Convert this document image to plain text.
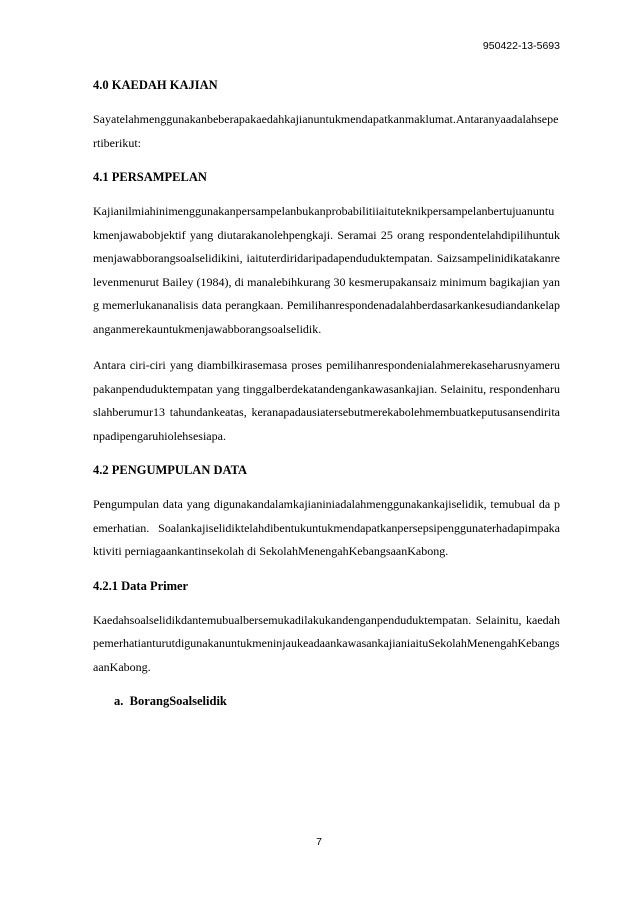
950422-13-5693
4.0 KAEDAH KAJIAN

Sayatelahmenggunakanbeberapakaedahkajianuntukmendapatkanmaklumat.Antaranyaadalahsepertiberikut:

4.1 PERSAMPELAN

Kajianilmiahinimenggunakanpersampelanbukanprobabilitiiaituteknikpersampelanbertujuanuntukmenjawabobjektif yang diutarakanolehpengkaji. Seramai 25 orang respondentelahdipilihuntukmenjawabborangsoalselidikini, iaituterdiridaripadapenduduktempatan. Saizsampelinidikatakanrelevenmenurut Bailey (1984), di manalebihkurang 30 kesmerupakansaiz minimum bagikajian yang memerlukananalisis data perangkaan. Pemilihanrespondenadalahberdasarkankesudiandankelapanganmerekauntukmenjawabborangsoalselidik.

Antara ciri-ciri yang diambilkirasemasa proses pemilihanrespondenialahmerekaseharusnyamerupakanpenduduktempatan yang tinggalberdekatandengankawasankajian. Selainitu, respondenharuslahberumur13 tahundankeatas, keranapadausiatersebutmerekabolehmembuatkeputusansendiritanpadipengaruhiolehsesiapa.

4.2 PENGUMPULAN DATA

Pengumpulan data yang digunakandalamkajianiniadalahmenggunakankajiselidik, temubual da pemerhatian. Soalankajiselidiktelahdibentukuntukmendapatkanpersepsipenggunaterhadapimpakaktiviti perniagaankantinsekolah di SekolahMenengahKebangsaanKabong.

4.2.1 Data Primer

Kaedahsoalselidikdantemubualbersemukadilakukandenganpenduduktempatan. Selainitu, kaedahpemerhatianturutdigunakanuntukmeninjaukeadaankawasankajianiaituSekolahMenengahKebangsaanKabong.

a.  BorangSoalselidik
7
